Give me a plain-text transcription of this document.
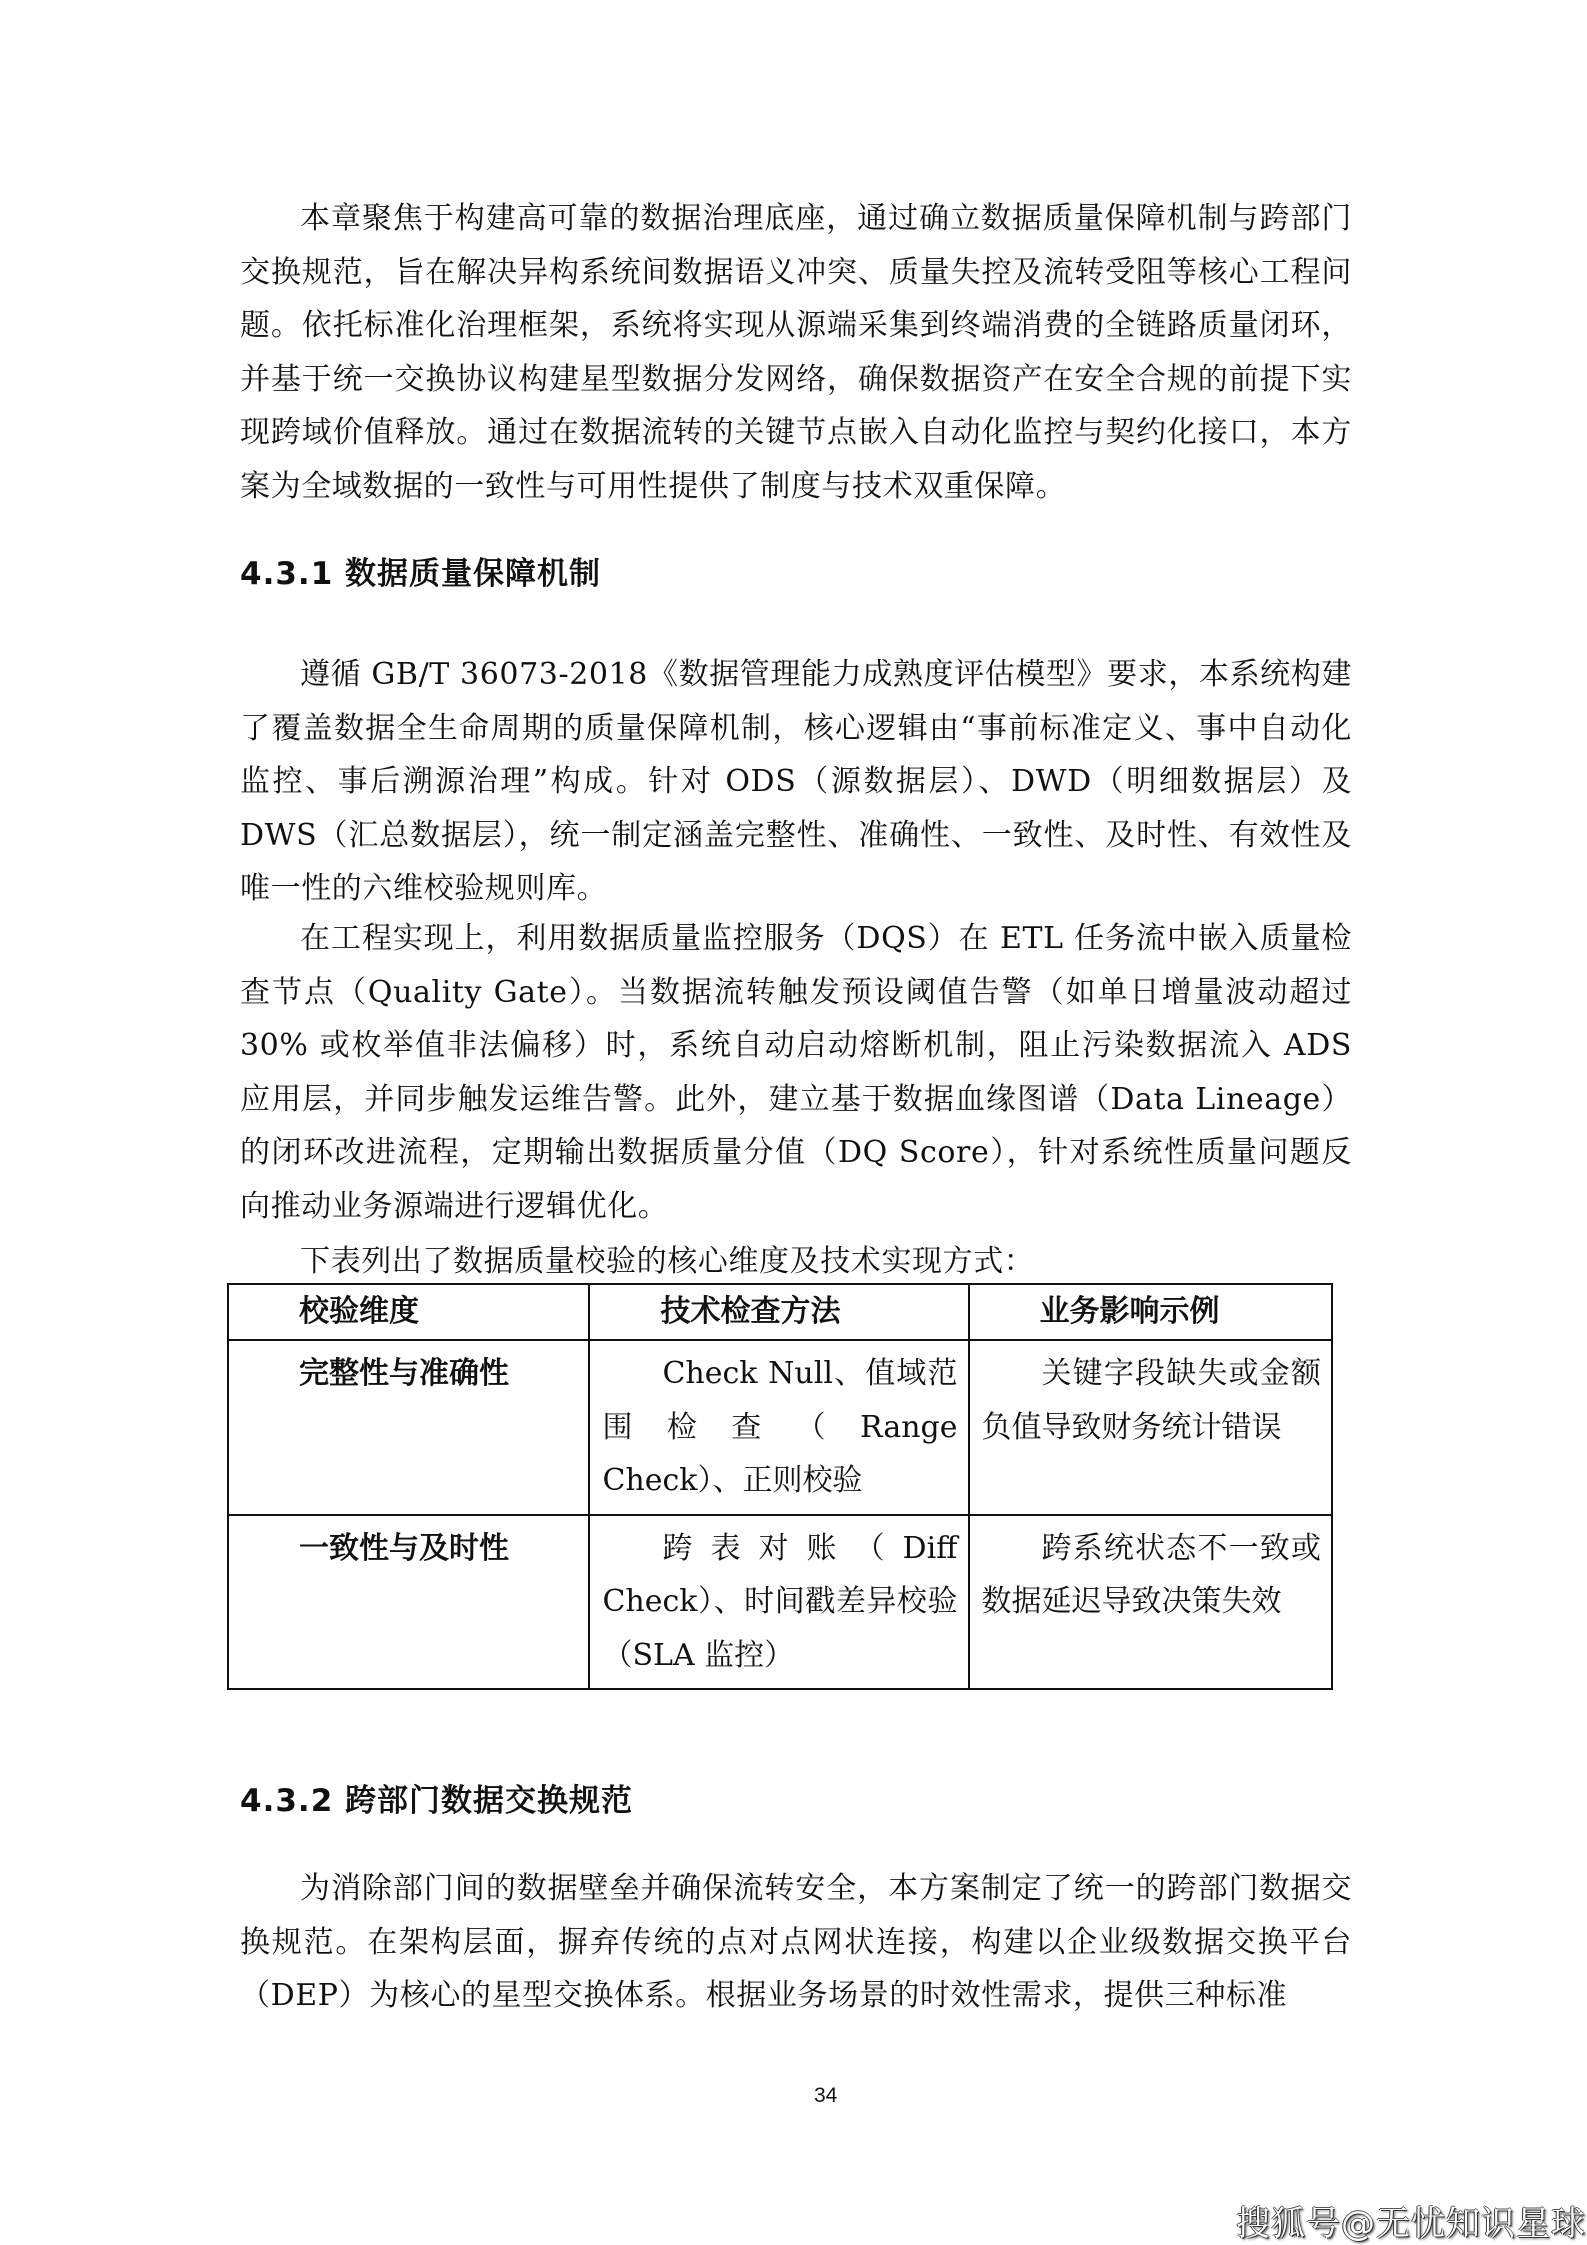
本章聚焦于构建高可靠的数据治理底座，通过确立数据质量保障机制与跨部门交换规范，旨在解决异构系统间数据语义冲突、质量失控及流转受阻等核心工程问题。依托标准化治理框架，系统将实现从源端采集到终端消费的全链路质量闭环，并基于统一交换协议构建星型数据分发网络，确保数据资产在安全合规的前提下实现跨域价值释放。通过在数据流转的关键节点嵌入自动化监控与契约化接口，本方案为全域数据的一致性与可用性提供了制度与技术双重保障。

4.3.1 数据质量保障机制

遵循 GB/T 36073-2018《数据管理能力成熟度评估模型》要求，本系统构建了覆盖数据全生命周期的质量保障机制，核心逻辑由“事前标准定义、事中自动化监控、事后溯源治理”构成。针对 ODS（源数据层）、DWD（明细数据层）及 DWS（汇总数据层），统一制定涵盖完整性、准确性、一致性、及时性、有效性及唯一性的六维校验规则库。

在工程实现上，利用数据质量监控服务（DQS）在 ETL 任务流中嵌入质量检查节点（Quality Gate）。当数据流转触发预设阈值告警（如单日增量波动超过 30% 或枚举值非法偏移）时，系统自动启动熔断机制，阻止污染数据流入 ADS 应用层，并同步触发运维告警。此外，建立基于数据血缘图谱（Data Lineage）的闭环改进流程，定期输出数据质量分值（DQ Score），针对系统性质量问题反向推动业务源端进行逻辑优化。

下表列出了数据质量校验的核心维度及技术实现方式：
校验维度	技术检查方法	业务影响示例
完整性与准确性	Check Null、值域范围检查（Range Check）、正则校验	关键字段缺失或金额负值导致财务统计错误

一致性与及时性	跨表对账（Diff Check）、时间戳差异校验（SLA 监控）	跨系统状态不一致或数据延迟导致决策失效
4.3.2 跨部门数据交换规范

为消除部门间的数据壁垒并确保流转安全，本方案制定了统一的跨部门数据交换规范。在架构层面，摒弃传统的点对点网状连接，构建以企业级数据交换平台（DEP）为核心的星型交换体系。根据业务场景的时效性需求，提供三种标准

34
搜狐号@无忧知识星球
